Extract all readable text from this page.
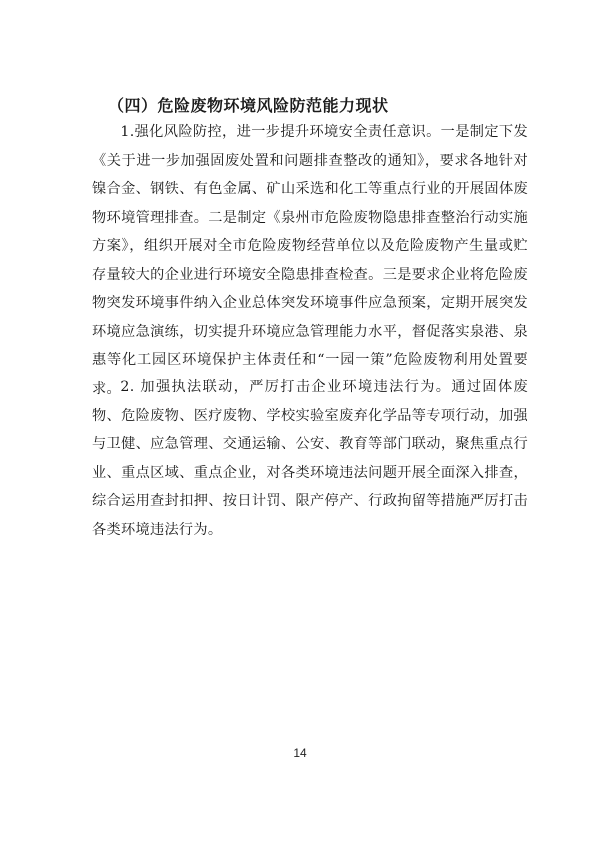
（四）危险废物环境风险防范能力现状

1.强化风险防控，进一步提升环境安全责任意识。一是制定下发《关于进一步加强固废处置和问题排查整改的通知》，要求各地针对镍合金、钢铁、有色金属、矿山采选和化工等重点行业的开展固体废物环境管理排查。二是制定《泉州市危险废物隐患排查整治行动实施方案》，组织开展对全市危险废物经营单位以及危险废物产生量或贮存量较大的企业进行环境安全隐患排查检查。三是要求企业将危险废物突发环境事件纳入企业总体突发环境事件应急预案，定期开展突发环境应急演练，切实提升环境应急管理能力水平，督促落实泉港、泉惠等化工园区环境保护主体责任和“一园一策”危险废物利用处置要求。 2. 加强执法联动，严厉打击企业环境违法行为。通过固体废物、危险废物、医疗废物、学校实验室废弃化学品等专项行动，加强与卫健、应急管理、交通运输、公安、教育等部门联动，聚焦重点行业、重点区域、重点企业，对各类环境违法问题开展全面深入排查，综合运用查封扣押、按日计罚、限产停产、行政拘留等措施严厉打击各类环境违法行为。

14
